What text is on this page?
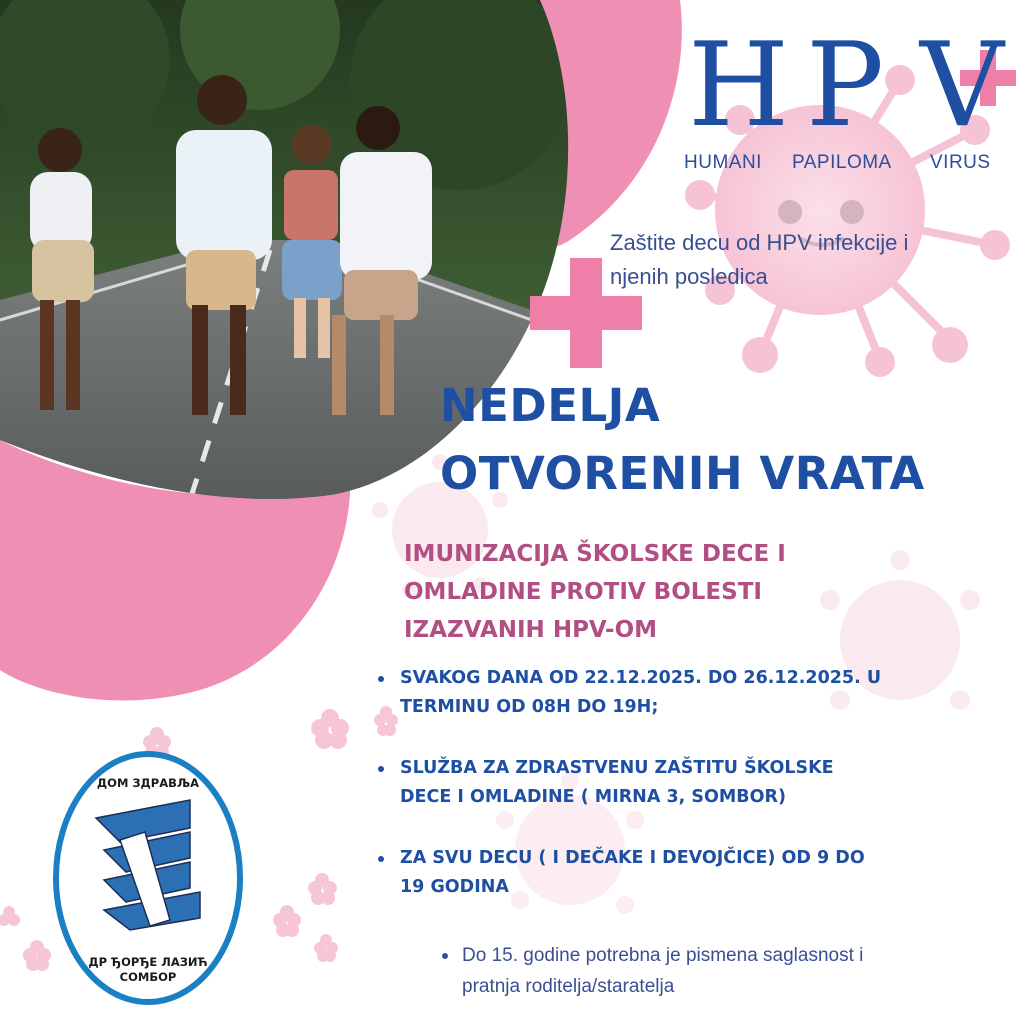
H P V
HUMANI PAPILOMA VIRUS
Zaštite decu od HPV infekcije i
njenih posledica
NEDELJA
OTVORENIH VRATA
IMUNIZACIJA ŠKOLSKE DECE I
OMLADINE PROTIV BOLESTI
IZAZVANIH HPV-OM
SVAKOG DANA OD 22.12.2025. DO 26.12.2025. U
TERMINU OD 08H DO 19H;
SLUŽBA ZA ZDRASTVENU ZAŠTITU ŠKOLSKE
DECE I OMLADINE ( MIRNA 3, SOMBOR)
ZA SVU DECU ( I DEČAKE I DEVOJČICE) OD 9 DO
19 GODINA
Do 15. godine potrebna je pismena saglasnost i
pratnja roditelja/staratelja
ДОМ ЗДРАВЉА
ДР ЂОРЂЕ ЛАЗИЋ
СОМБОР
